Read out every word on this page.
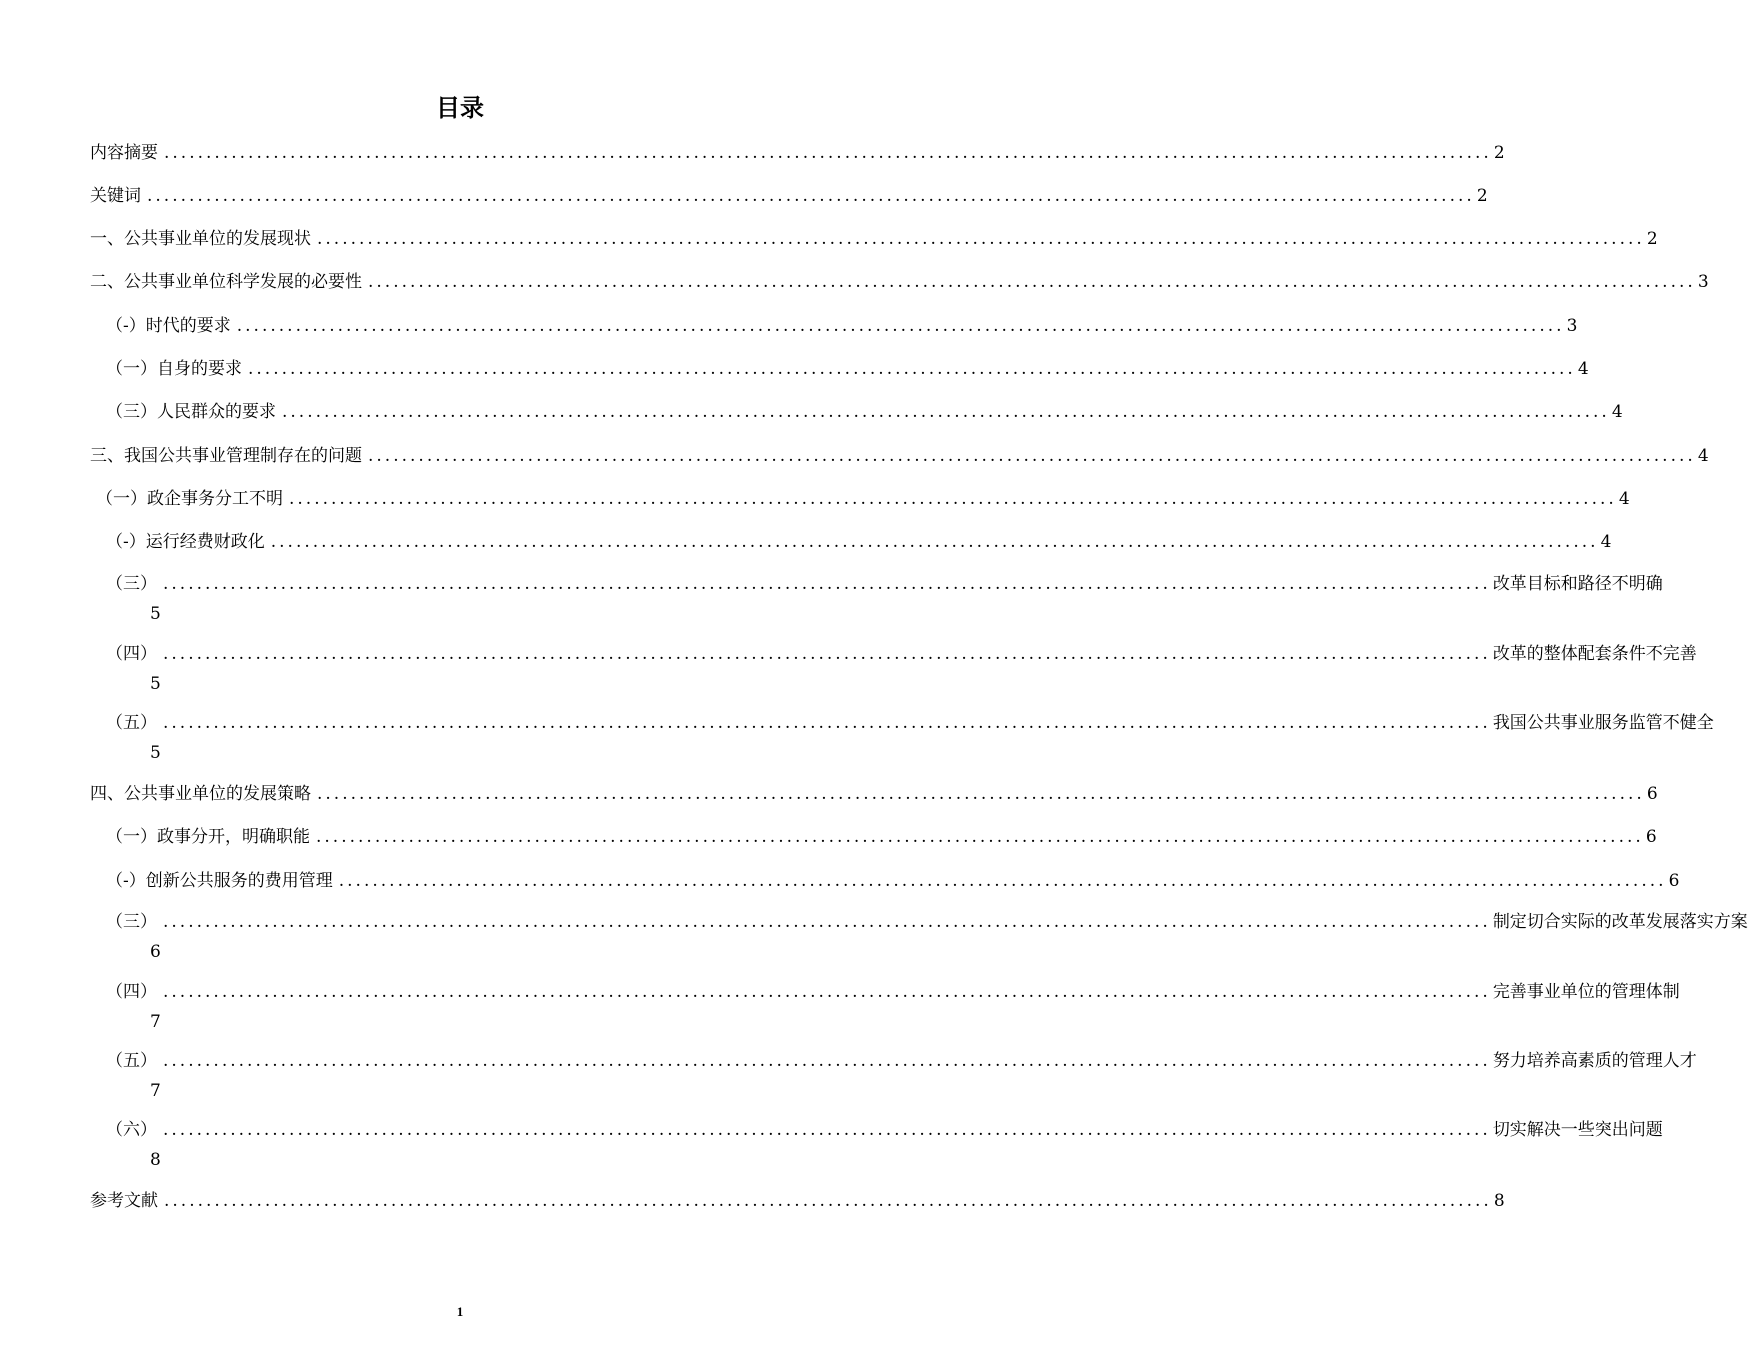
目录
内容摘要 .............................................................................................................................................................. 2
关键词 .............................................................................................................................................................. 2
一、公共事业单位的发展现状 .............................................................................................................................................................. 2
二、公共事业单位科学发展的必要性 .............................................................................................................................................................. 3
（-）时代的要求 .............................................................................................................................................................. 3
（一）自身的要求 .............................................................................................................................................................. 4
（三）人民群众的要求 .............................................................................................................................................................. 4
三、我国公共事业管理制存在的问题 .............................................................................................................................................................. 4
（一）政企事务分工不明 .............................................................................................................................................................. 4
（-）运行经费财政化 .............................................................................................................................................................. 4
（三） .............................................................................................................................................................. 改革目标和路径不明确
5
（四） .............................................................................................................................................................. 改革的整体配套条件不完善
5
（五） .............................................................................................................................................................. 我国公共事业服务监管不健全
5
四、公共事业单位的发展策略 .............................................................................................................................................................. 6
（一）政事分开，明确职能 .............................................................................................................................................................. 6
（-）创新公共服务的费用管理 .............................................................................................................................................................. 6
（三） .............................................................................................................................................................. 制定切合实际的改革发展落实方案
6
（四） .............................................................................................................................................................. 完善事业单位的管理体制
7
（五） .............................................................................................................................................................. 努力培养高素质的管理人才
7
（六） .............................................................................................................................................................. 切实解决一些突出问题
8
参考文献 .............................................................................................................................................................. 8
1
